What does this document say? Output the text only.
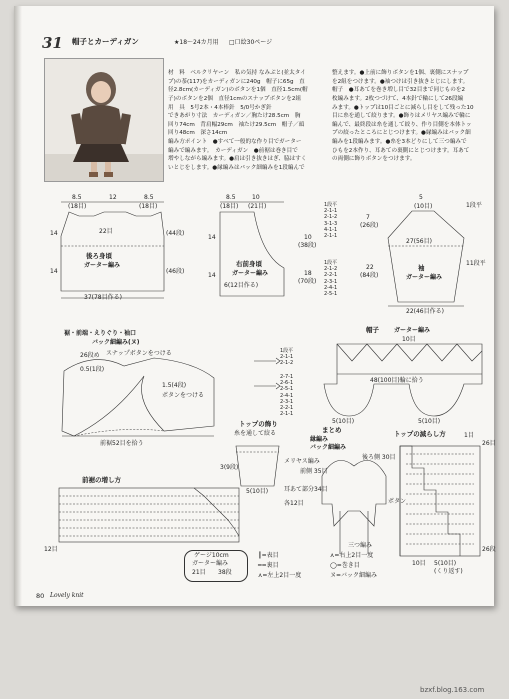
31 帽子とカーディガン	★18～24カ月用 □口絵30ページ

材　料　ベルクリヤーン　私の気持 なみぶと(並太タイ
プ)の茶(117)をカーディガンに240g　帽子に65g　直
径2.8cm(カーディガン)のボタンを1個　直径1.5cm(帽
子)のボタンを2個　直径1cmのスナップボタンを2組
用　具　5号2本・4本棒針　5/0号かぎ針
できあがり寸法　カーディガン／胸たけ28.5cm　胸
回り74cm　背肩幅29cm　袖たけ29.5cm　帽子／頭
回り48cm　深さ14cm
編み方ポイント　●すべて一般的な作り目でガーター
編みで編みます。　カーディガン　●前裾は巻き目で
増やしながら編みます。●肩は引き抜きはぎ、脇はすく
いとじをします。●縁編みはバック細編みを1段編んで

整えます。●上前に飾りボタンを1個、裏側にスナップ
を2組をつけます。●袖つけは引き抜きとじにします。
帽子　●耳あてを巻き増し目で32目まで同じものを2
枚編みます。2枚つづけて、4本針で輪にして26段編
みます。●トップは10目ごとに減らし目をして残った10
目に糸を通して絞ります。●飾りはメリヤス編みで輪に
編んで、最終段は糸を通して絞り、作り目側を本体トッ
プの絞ったところにとじつけます。●縁編みはバック細
編みを1段編みます。●糸を3本どりにして三つ編みで
ひもを2本作り、耳あての裏側にとじつけます。耳あて
の両側に飾りボタンをつけます。

8.5	12	8.5
(18目)	(18目)
22目
後ろ身頃
ガーター編み
37(78目作る)
14
14
(44段)
(46段)
8.5	10
(18目) (21目)
右前身頃
ガーター編み
6(12目作る)
14
14
10
(38段)
18
(70段)
1段平
2-1-1
2-1-2
3-1-3
4-1-1
2-1-1
1段平
2-1-2
2-2-1
2-3-1
2-4-1
2-5-1
5
(10目)
27(56目)
袖
ガーター編み
22(46目作る)
7
(26段)
22
(84段)
1段平
11段平
裾・前端・えりぐり・袖口
バック細編み(ヌ)
スナップボタンをつける
26段め
0.5(1段)
1.5(4段)
ボタンをつける
前裾52目を拾う
1段平
2-1-1
2-1-2
2-7-1
2-6-1
2-5-1
2-4-1
2-3-1
2-2-1
2-1-1
帽子	ガーター編み
10目
48(100目)輪に拾う
5(10目)	5(10目)
トップの飾り
糸を通して絞る
メリヤス編み
5(10目)
3(9段)
まとめ
縁編み
バック細編み
耳あて部分34目
各12目
後ろ側 30目
前側 35目
ボタン
三つ編み
トップの減らし方	1目
26目
26段
10目 5(10目)
(くり返す)
前裾の増し方
12目
ゲージ10cm
ガーター編み
21目 38段
┃=表目
━=裏目
⋏=左上2目一度
⋏=右上2目一度
◯=巻き目
ヌ=バック細編み
80 Lovely knit
bzxf.blog.163.com
